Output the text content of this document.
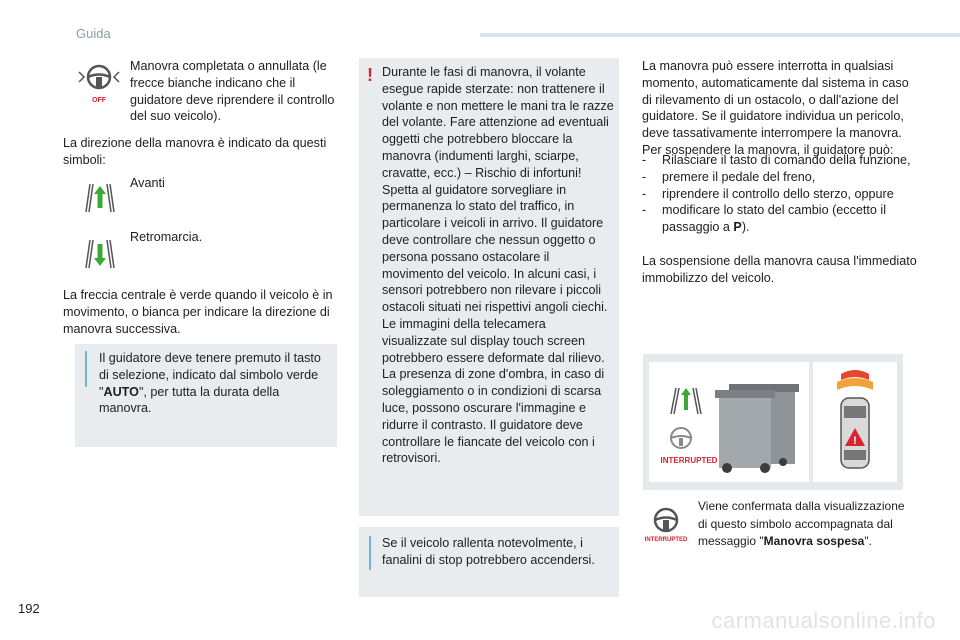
Guida
OFF
Manovra completata o annullata (le frecce bianche indicano che il guidatore deve riprendere il controllo del suo veicolo).
La direzione della manovra è indicato da questi simboli:
Avanti
Retromarcia.
La freccia centrale è verde quando il veicolo è in movimento, o bianca per indicare la direzione di manovra successiva.
Il guidatore deve tenere premuto il tasto di selezione, indicato dal simbolo verde "AUTO", per tutta la durata della manovra.
! Durante le fasi di manovra, il volante esegue rapide sterzate: non trattenere il volante e non mettere le mani tra le razze del volante. Fare attenzione ad eventuali oggetti che potrebbero bloccare la manovra (indumenti larghi, sciarpe, cravatte, ecc.) – Rischio di infortuni! Spetta al guidatore sorvegliare in permanenza lo stato del traffico, in particolare i veicoli in arrivo. Il guidatore deve controllare che nessun oggetto o persona possano ostacolare il movimento del veicolo. In alcuni casi, i sensori potrebbero non rilevare i piccoli ostacoli situati nei rispettivi angoli ciechi. Le immagini della telecamera visualizzate sul display touch screen potrebbero essere deformate dal rilievo. La presenza di zone d'ombra, in caso di soleggiamento o in condizioni di scarsa luce, possono oscurare l'immagine e ridurre il contrasto. Il guidatore deve controllare le fiancate del veicolo con i retrovisori.
Se il veicolo rallenta notevolmente, i fanalini di stop potrebbero accendersi.
La manovra può essere interrotta in qualsiasi momento, automaticamente dal sistema in caso di rilevamento di un ostacolo, o dall'azione del guidatore. Se il guidatore individua un pericolo, deve tassativamente interrompere la manovra. Per sospendere la manovra, il guidatore può:
- Rilasciare il tasto di comando della funzione,
- premere il pedale del freno,
- riprendere il controllo dello sterzo, oppure
- modificare lo stato del cambio (eccetto il passaggio a P).
La sospensione della manovra causa l'immediato immobilizzo del veicolo.
INTERRUPTED
!
INTERRUPTED
Viene confermata dalla visualizzazione di questo simbolo accompagnata dal messaggio "Manovra sospesa".
192	carmanualsonline.info
